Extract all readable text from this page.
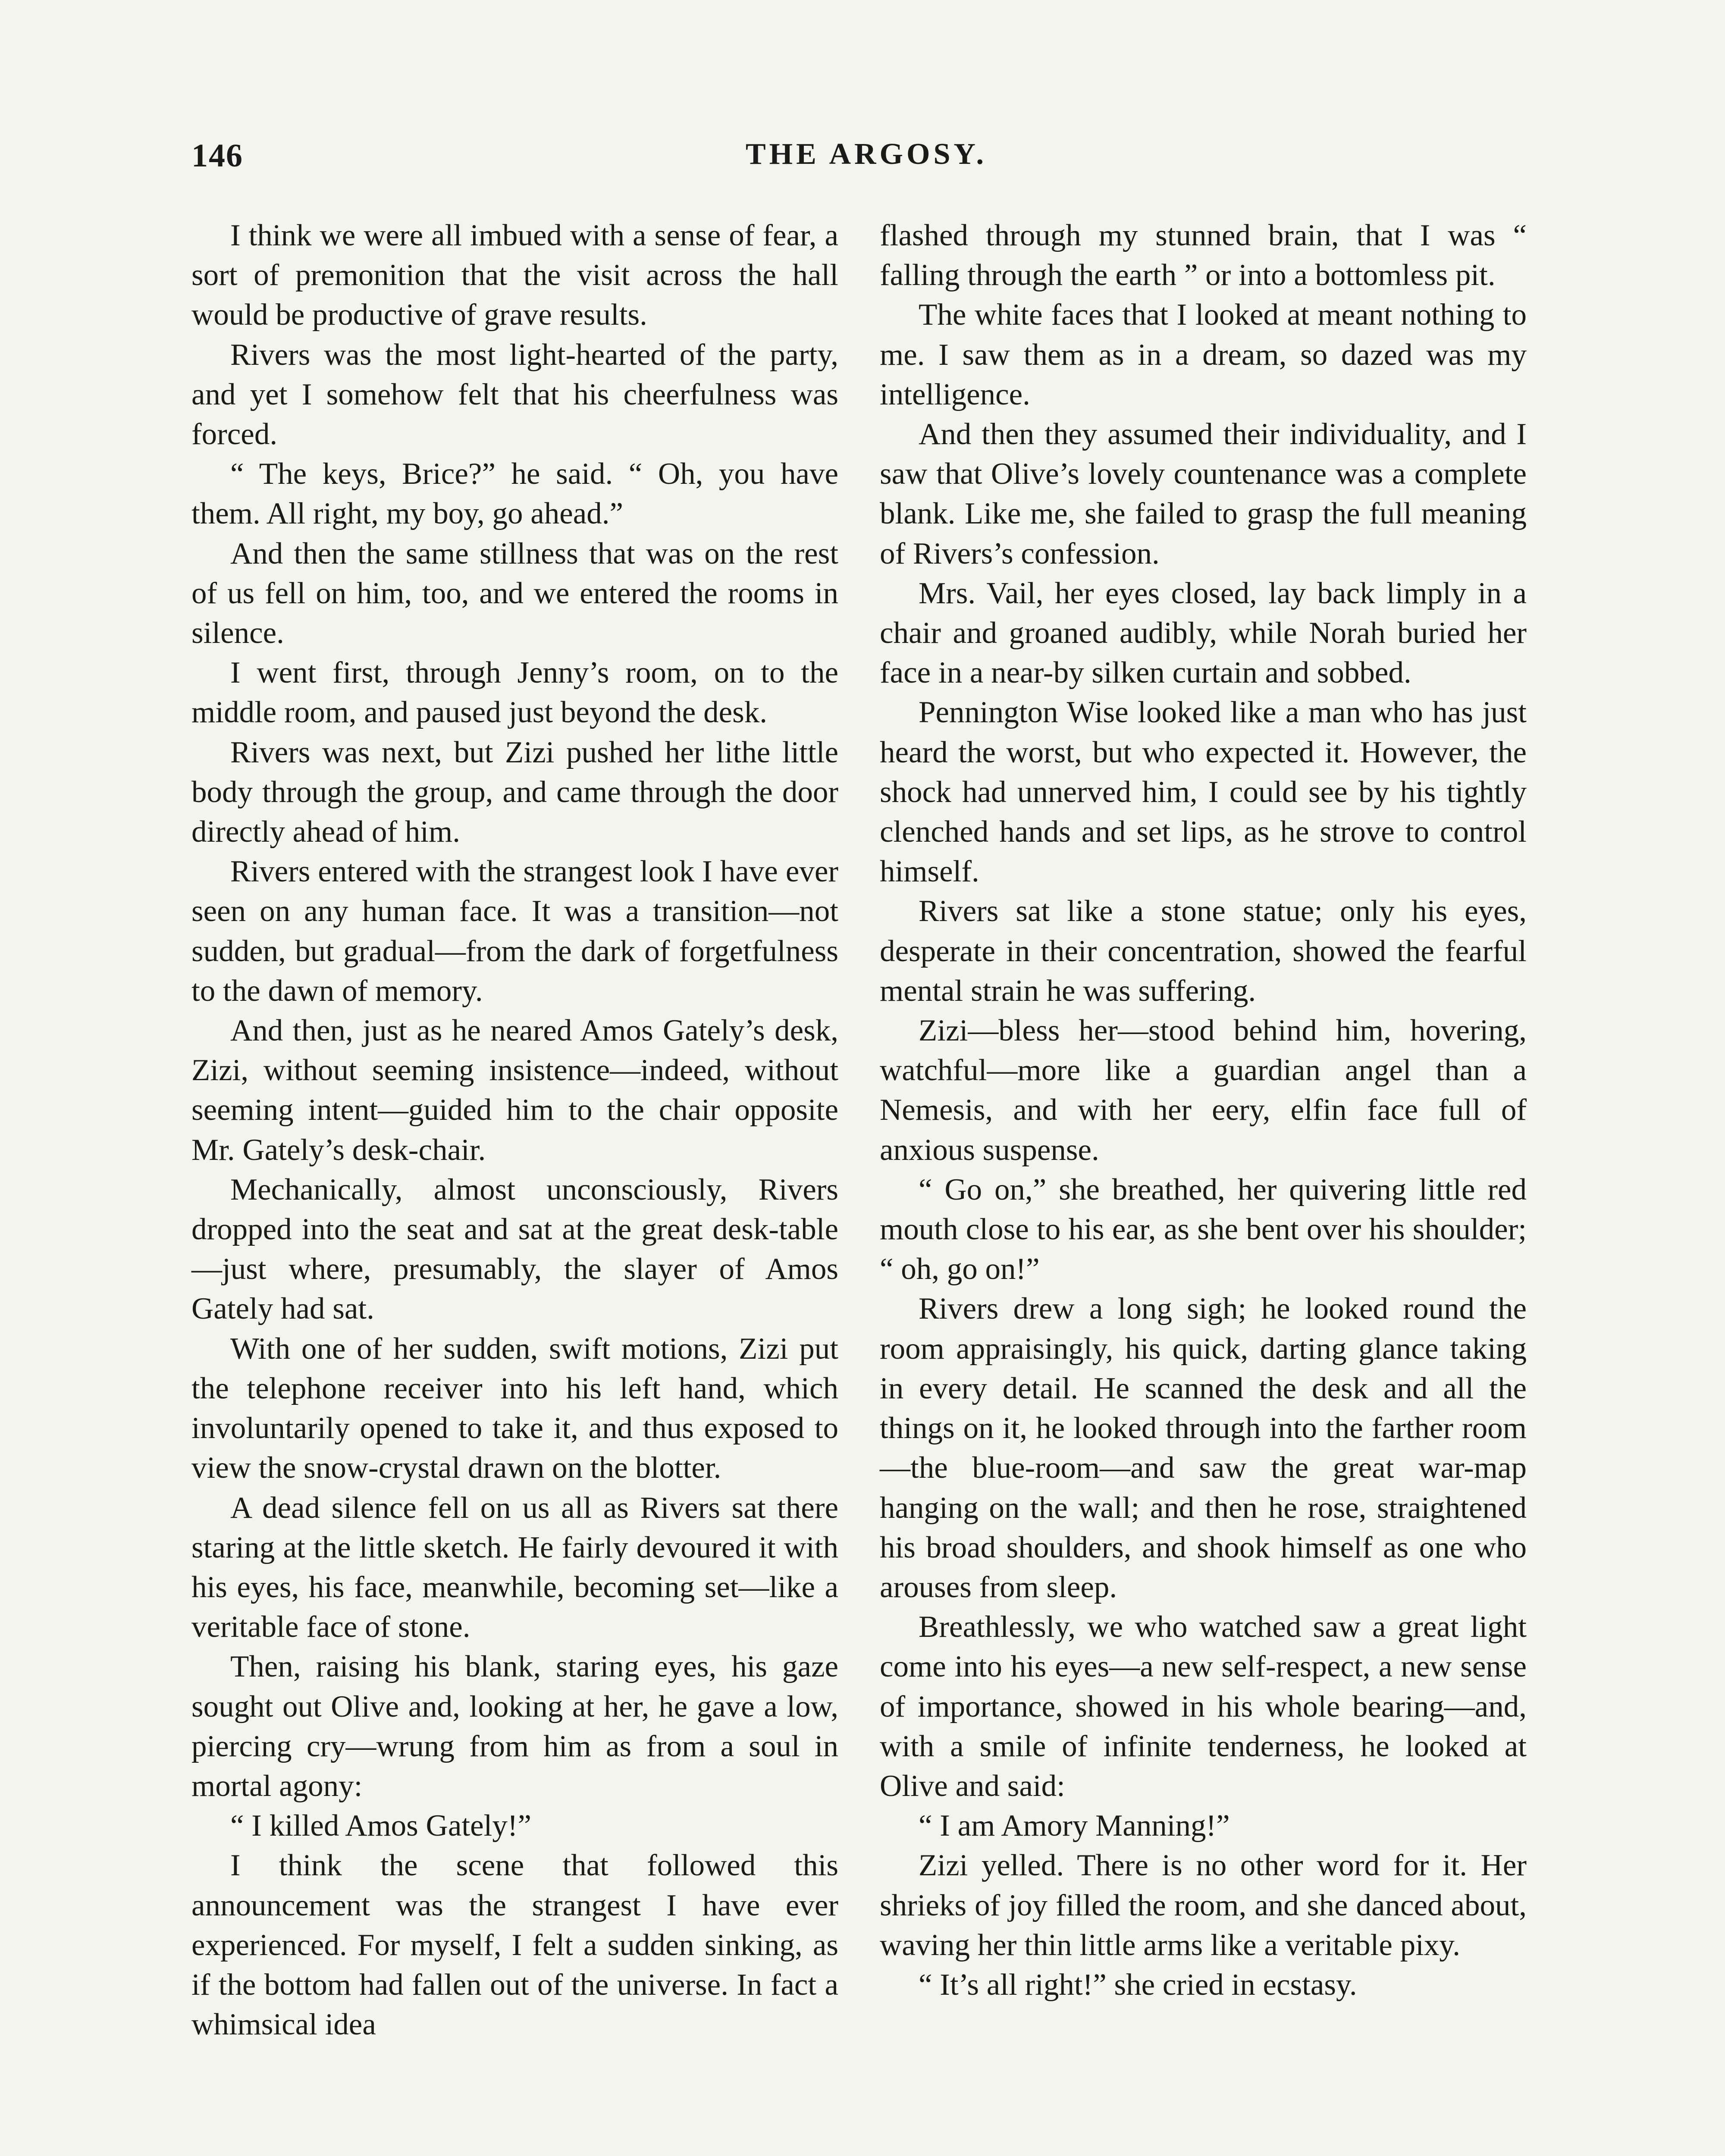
146	THE ARGOSY.

I think we were all imbued with a sense of fear, a sort of premonition that the visit across the hall would be productive of grave results.

Rivers was the most light-hearted of the party, and yet I somehow felt that his cheerfulness was forced.

“ The keys, Brice?” he said. “ Oh, you have them. All right, my boy, go ahead.”

And then the same stillness that was on the rest of us fell on him, too, and we entered the rooms in silence.

I went first, through Jenny’s room, on to the middle room, and paused just beyond the desk.

Rivers was next, but Zizi pushed her lithe little body through the group, and came through the door directly ahead of him.

Rivers entered with the strangest look I have ever seen on any human face. It was a transition—not sudden, but gradual—from the dark of forgetfulness to the dawn of memory.

And then, just as he neared Amos Gately’s desk, Zizi, without seeming insistence—indeed, without seeming intent—guided him to the chair opposite Mr. Gately’s desk-chair.

Mechanically, almost unconsciously, Rivers dropped into the seat and sat at the great desk-table—just where, presumably, the slayer of Amos Gately had sat.

With one of her sudden, swift motions, Zizi put the telephone receiver into his left hand, which involuntarily opened to take it, and thus exposed to view the snow-crystal drawn on the blotter.

A dead silence fell on us all as Rivers sat there staring at the little sketch. He fairly devoured it with his eyes, his face, meanwhile, becoming set—like a veritable face of stone.

Then, raising his blank, staring eyes, his gaze sought out Olive and, looking at her, he gave a low, piercing cry—wrung from him as from a soul in mortal agony:

“ I killed Amos Gately!”

I think the scene that followed this announcement was the strangest I have ever experienced. For myself, I felt a sudden sinking, as if the bottom had fallen out of the universe. In fact a whimsical idea

flashed through my stunned brain, that I was “ falling through the earth ” or into a bottomless pit.

The white faces that I looked at meant nothing to me. I saw them as in a dream, so dazed was my intelligence.

And then they assumed their individuality, and I saw that Olive’s lovely countenance was a complete blank. Like me, she failed to grasp the full meaning of Rivers’s confession.

Mrs. Vail, her eyes closed, lay back limply in a chair and groaned audibly, while Norah buried her face in a near-by silken curtain and sobbed.

Pennington Wise looked like a man who has just heard the worst, but who expected it. However, the shock had unnerved him, I could see by his tightly clenched hands and set lips, as he strove to control himself.

Rivers sat like a stone statue; only his eyes, desperate in their concentration, showed the fearful mental strain he was suffering.

Zizi—bless her—stood behind him, hovering, watchful—more like a guardian angel than a Nemesis, and with her eery, elfin face full of anxious suspense.

“ Go on,” she breathed, her quivering little red mouth close to his ear, as she bent over his shoulder; “ oh, go on!”

Rivers drew a long sigh; he looked round the room appraisingly, his quick, darting glance taking in every detail. He scanned the desk and all the things on it, he looked through into the farther room—the blue-room—and saw the great war-map hanging on the wall; and then he rose, straightened his broad shoulders, and shook himself as one who arouses from sleep.

Breathlessly, we who watched saw a great light come into his eyes—a new self-respect, a new sense of importance, showed in his whole bearing—and, with a smile of infinite tenderness, he looked at Olive and said:

“ I am Amory Manning!”

Zizi yelled. There is no other word for it. Her shrieks of joy filled the room, and she danced about, waving her thin little arms like a veritable pixy.

“ It’s all right!” she cried in ecstasy.
